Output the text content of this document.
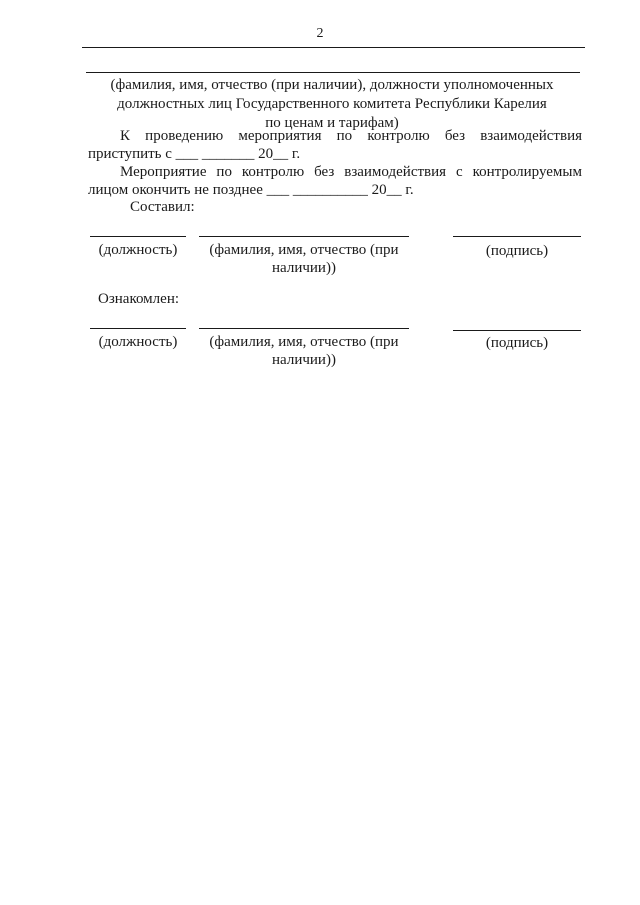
2
(фамилия, имя, отчество (при наличии), должности уполномоченных
должностных лиц Государственного комитета Республики Карелия
по ценам и тарифам)
К проведению мероприятия по контролю без взаимодействия
приступить с ___ _______ 20__ г.
Мероприятие по контролю без взаимодействия с контролируемым
лицом окончить не позднее ___ __________ 20__ г.
Составил:
(должность)	(фамилия, имя, отчество (при
наличии))
(подпись)
Ознакомлен:
(должность)	(фамилия, имя, отчество (при
наличии))
(подпись)
